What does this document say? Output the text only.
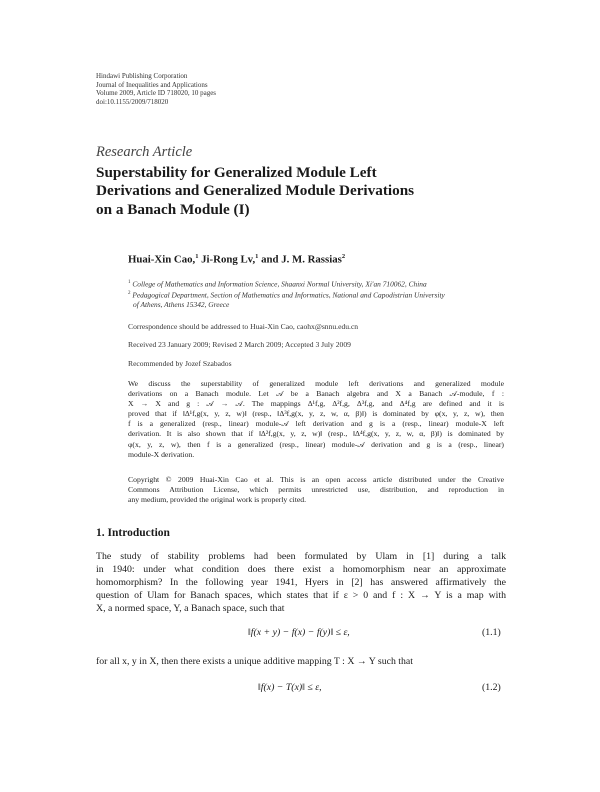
Hindawi Publishing Corporation
Journal of Inequalities and Applications
Volume 2009, Article ID 718020, 10 pages
doi:10.1155/2009/718020
Research Article
Superstability for Generalized Module Left
Derivations and Generalized Module Derivations
on a Banach Module (I)
Huai-Xin Cao,$^1$ Ji-Rong Lv,$^1$ and J. M. Rassias$^2$
$^1$ College of Mathematics and Information Science, Shaanxi Normal University, Xi'an 710062, China
$^2$ Pedagogical Department, Section of Mathematics and Informatics, National and Capodistrian University
of Athens, Athens 15342, Greece
Correspondence should be addressed to Huai-Xin Cao, caohx@snnu.edu.cn
Received 23 January 2009; Revised 2 March 2009; Accepted 3 July 2009
Recommended by Jozef Szabados
We discuss the superstability of generalized module left derivations and generalized module
derivations on a Banach module. Let 𝒜 be a Banach algebra and X a Banach 𝒜-module, f :
X → X and g : 𝒜 → 𝒜. The mappings Δ¹f,g, Δ²f,g, Δ³f,g, and Δ⁴f,g are defined and it is
proved that if ‖Δ¹f,g(x, y, z, w)‖ (resp., ‖Δ³f,g(x, y, z, w, α, β)‖) is dominated by φ(x, y, z, w), then
f is a generalized (resp., linear) module-𝒜 left derivation and g is a (resp., linear) module-X left
derivation. It is also shown that if ‖Δ²f,g(x, y, z, w)‖ (resp., ‖Δ⁴f,g(x, y, z, w, α, β)‖) is dominated by
φ(x, y, z, w), then f is a generalized (resp., linear) module-𝒜 derivation and g is a (resp., linear)
module-X derivation.
Copyright © 2009 Huai-Xin Cao et al. This is an open access article distributed under the Creative
Commons Attribution License, which permits unrestricted use, distribution, and reproduction in
any medium, provided the original work is properly cited.
1. Introduction
The study of stability problems had been formulated by Ulam in [1] during a talk
in 1940: under what condition does there exist a homomorphism near an approximate
homomorphism? In the following year 1941, Hyers in [2] has answered affirmatively the
question of Ulam for Banach spaces, which states that if ε > 0 and f : X → Y is a map with
X, a normed space, Y, a Banach space, such that
‖f(x + y) − f(x) − f(y)‖ ≤ ε,	(1.1)
for all x, y in X, then there exists a unique additive mapping T : X → Y such that
‖f(x) − T(x)‖ ≤ ε,	(1.2)
